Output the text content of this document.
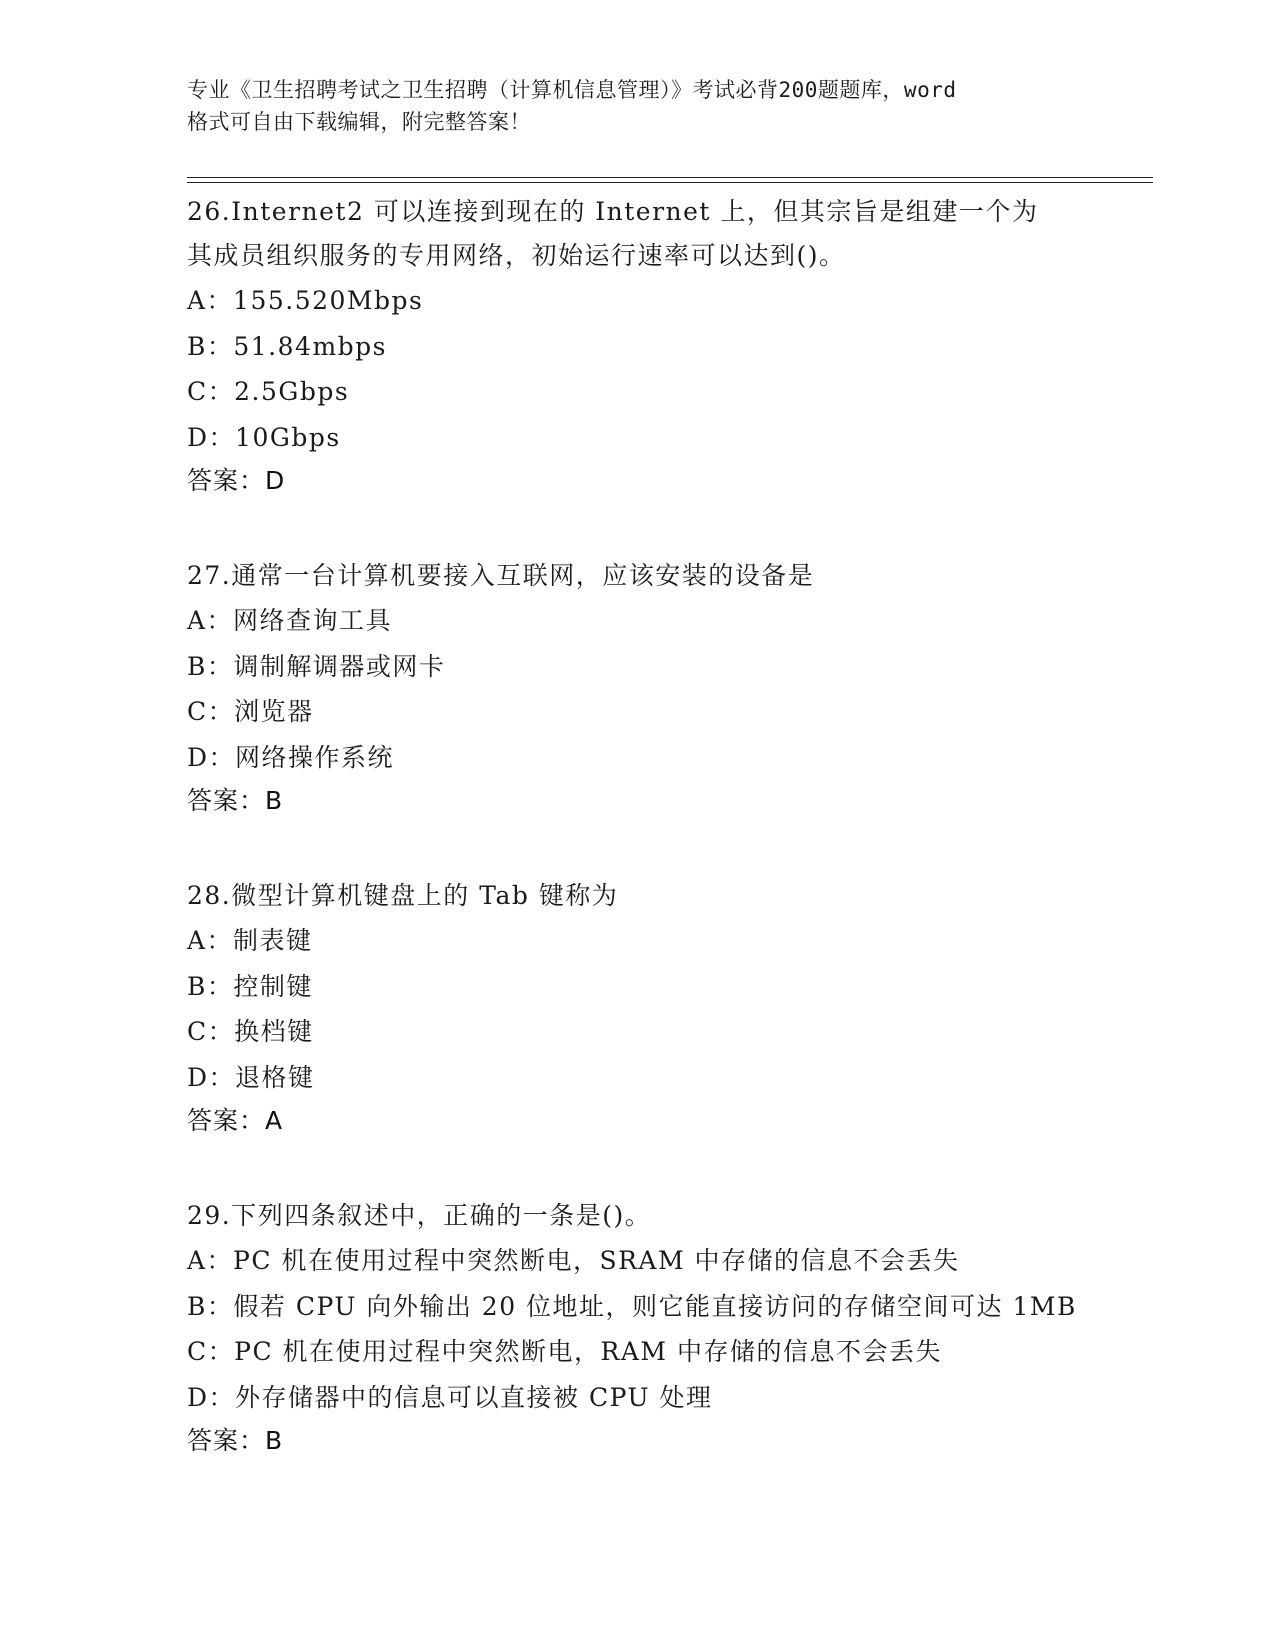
专业《卫生招聘考试之卫生招聘（计算机信息管理）》考试必背200题题库，word
格式可自由下载编辑，附完整答案！

26.Internet2 可以连接到现在的 Internet 上，但其宗旨是组建一个为
其成员组织服务的专用网络，初始运行速率可以达到()。

A：155.520Mbps
B：51.84mbps
C：2.5Gbps
D：10Gbps
答案：D

27.通常一台计算机要接入互联网，应该安装的设备是

A：网络查询工具
B：调制解调器或网卡
C：浏览器
D：网络操作系统
答案：B

28.微型计算机键盘上的 Tab 键称为

A：制表键
B：控制键
C：换档键
D：退格键
答案：A

29.下列四条叙述中，正确的一条是()。

A：PC 机在使用过程中突然断电，SRAM 中存储的信息不会丢失
B：假若 CPU 向外输出 20 位地址，则它能直接访问的存储空间可达 1MB
C：PC 机在使用过程中突然断电，RAM 中存储的信息不会丢失
D：外存储器中的信息可以直接被 CPU 处理
答案：B
